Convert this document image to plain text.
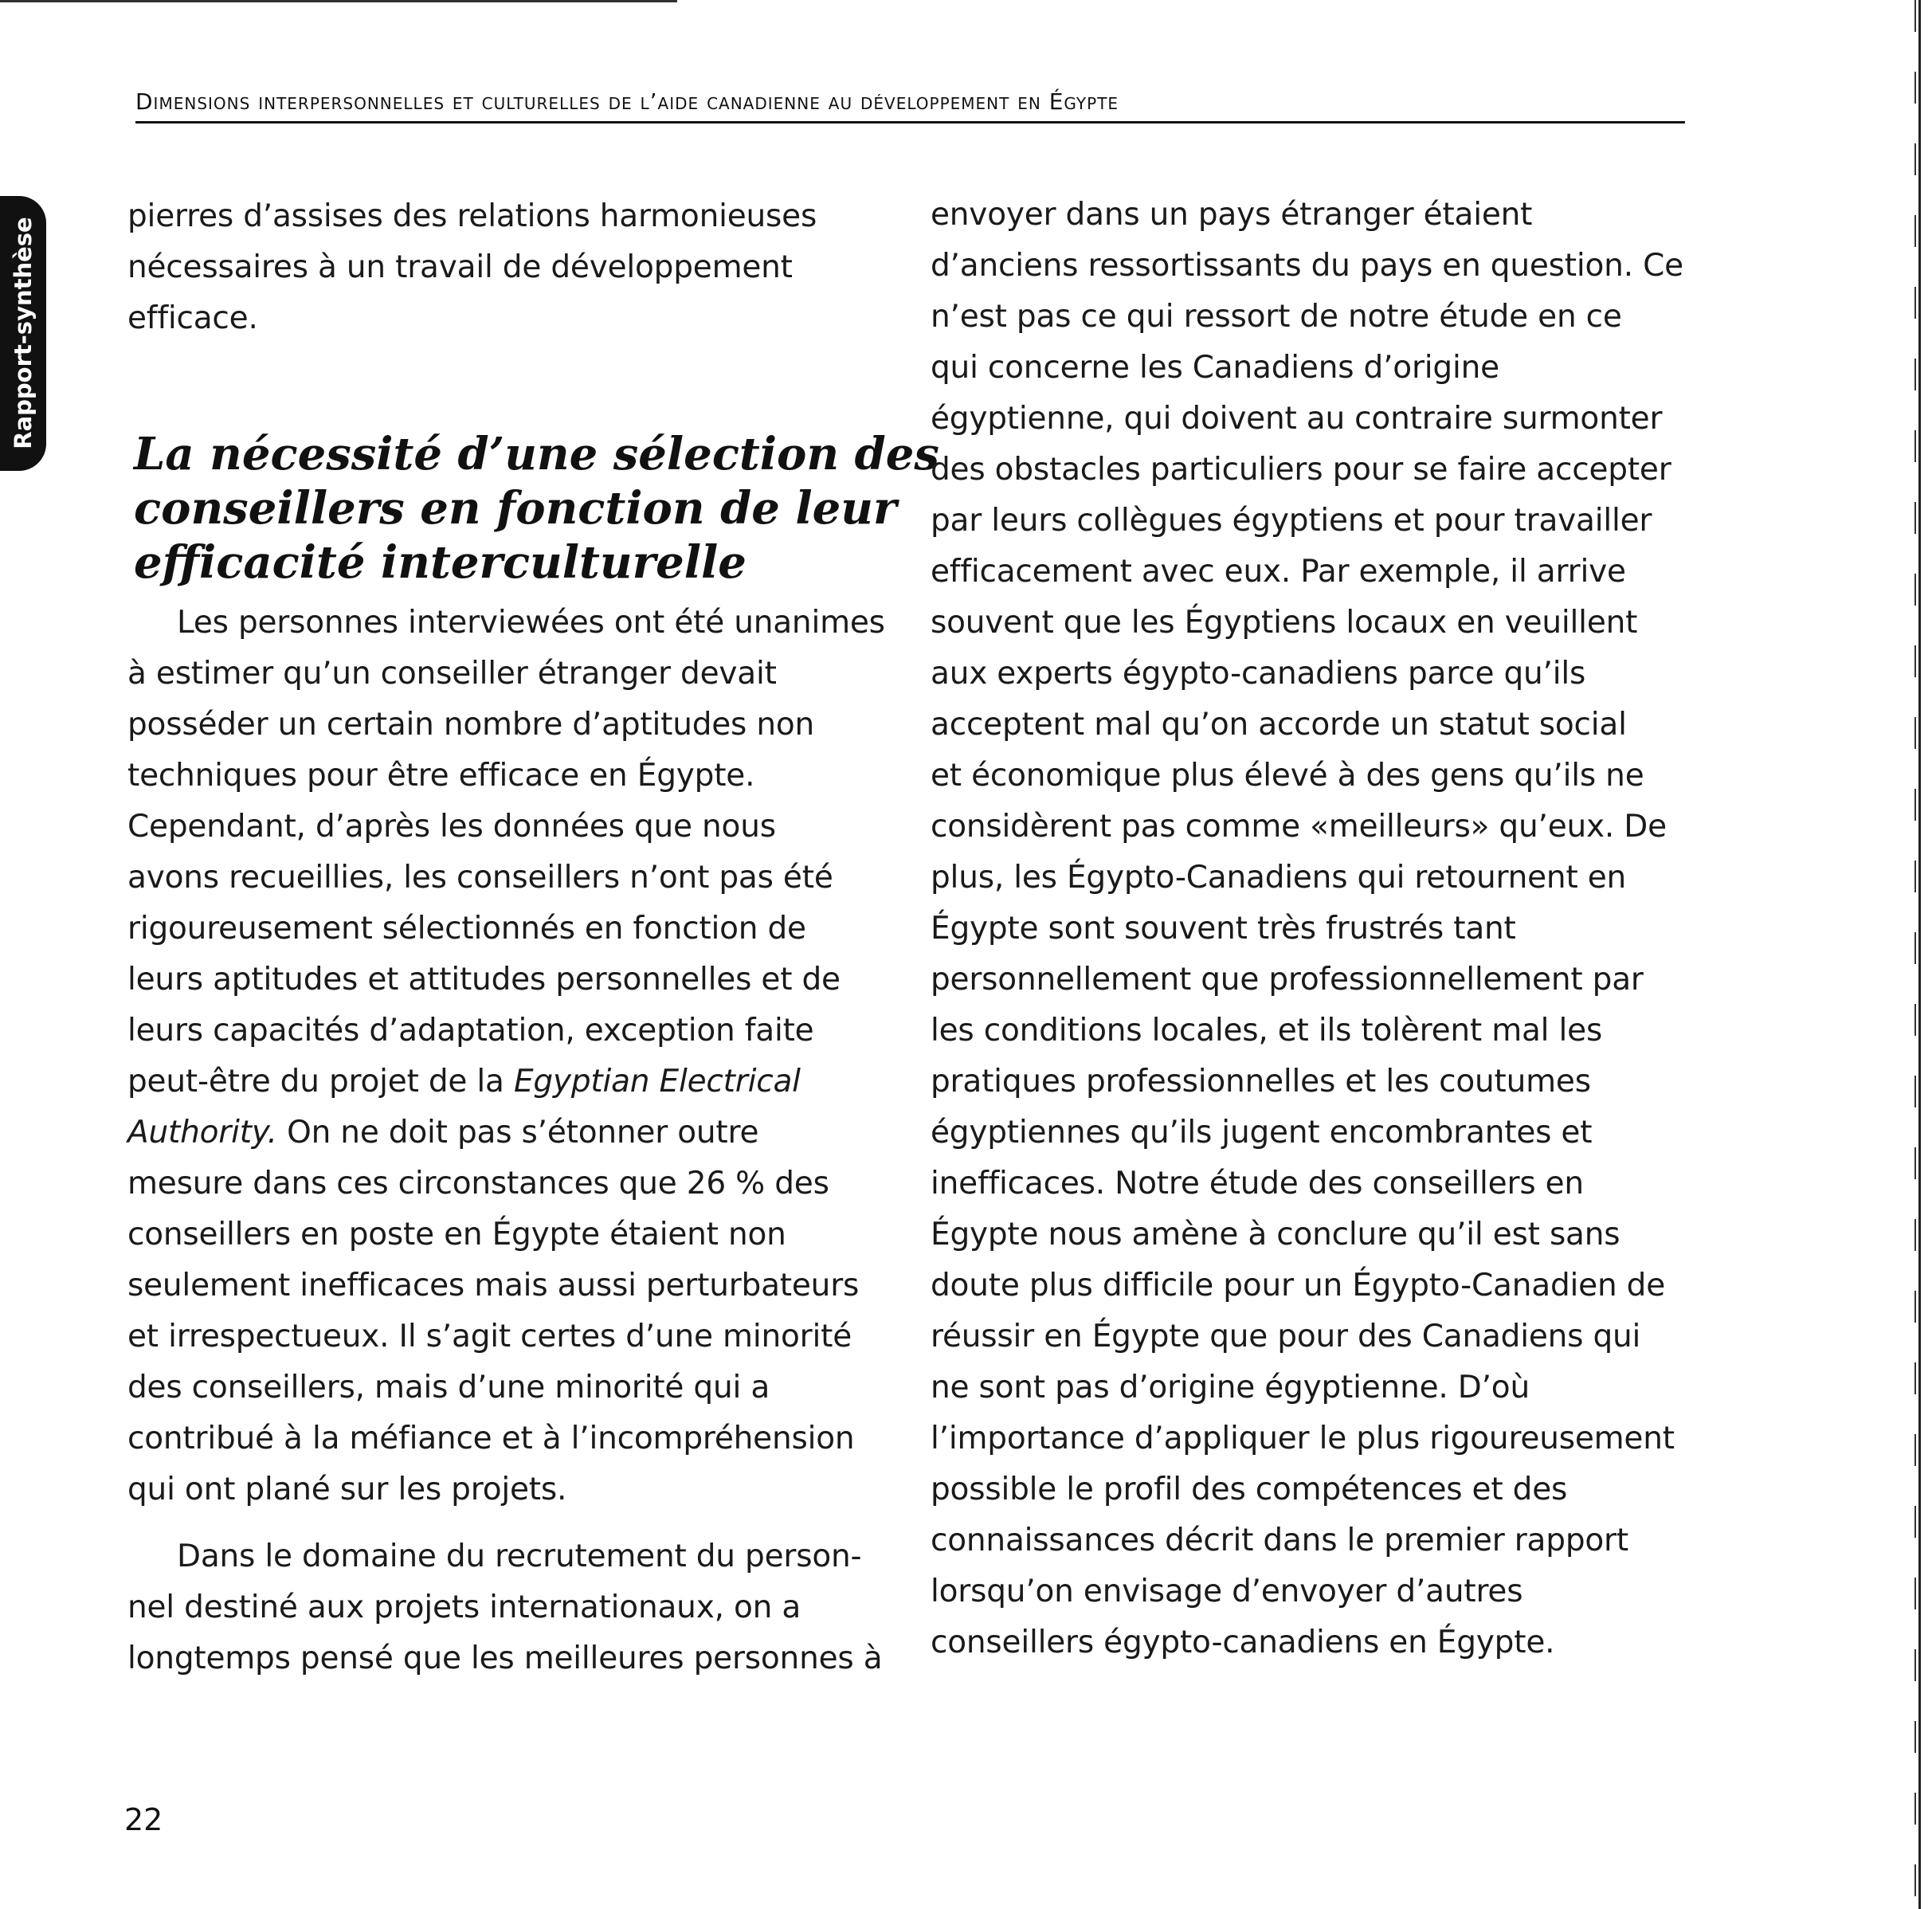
Dimensions interpersonnelles et culturelles de l’aide canadienne au développement en Égypte
Rapport-synthèse
pierres d’assises des relations harmonieuses
nécessaires à un travail de développement
efficace.
La nécessité d’une sélection des
conseillers en fonction de leur
efficacité interculturelle
Les personnes interviewées ont été unanimes
à estimer qu’un conseiller étranger devait
posséder un certain nombre d’aptitudes non
techniques pour être efficace en Égypte.
Cependant, d’après les données que nous
avons recueillies, les conseillers n’ont pas été
rigoureusement sélectionnés en fonction de
leurs aptitudes et attitudes personnelles et de
leurs capacités d’adaptation, exception faite
peut-être du projet de la Egyptian Electrical
Authority. On ne doit pas s’étonner outre
mesure dans ces circonstances que 26 % des
conseillers en poste en Égypte étaient non
seulement inefficaces mais aussi perturbateurs
et irrespectueux. Il s’agit certes d’une minorité
des conseillers, mais d’une minorité qui a
contribué à la méfiance et à l’incompréhension
qui ont plané sur les projets.
Dans le domaine du recrutement du person-
nel destiné aux projets internationaux, on a
longtemps pensé que les meilleures personnes à
envoyer dans un pays étranger étaient
d’anciens ressortissants du pays en question. Ce
n’est pas ce qui ressort de notre étude en ce
qui concerne les Canadiens d’origine
égyptienne, qui doivent au contraire surmonter
des obstacles particuliers pour se faire accepter
par leurs collègues égyptiens et pour travailler
efficacement avec eux. Par exemple, il arrive
souvent que les Égyptiens locaux en veuillent
aux experts égypto-canadiens parce qu’ils
acceptent mal qu’on accorde un statut social
et économique plus élevé à des gens qu’ils ne
considèrent pas comme «meilleurs» qu’eux. De
plus, les Égypto-Canadiens qui retournent en
Égypte sont souvent très frustrés tant
personnellement que professionnellement par
les conditions locales, et ils tolèrent mal les
pratiques professionnelles et les coutumes
égyptiennes qu’ils jugent encombrantes et
inefficaces. Notre étude des conseillers en
Égypte nous amène à conclure qu’il est sans
doute plus difficile pour un Égypto-Canadien de
réussir en Égypte que pour des Canadiens qui
ne sont pas d’origine égyptienne. D’où
l’importance d’appliquer le plus rigoureusement
possible le profil des compétences et des
connaissances décrit dans le premier rapport
lorsqu’on envisage d’envoyer d’autres
conseillers égypto-canadiens en Égypte.
22
